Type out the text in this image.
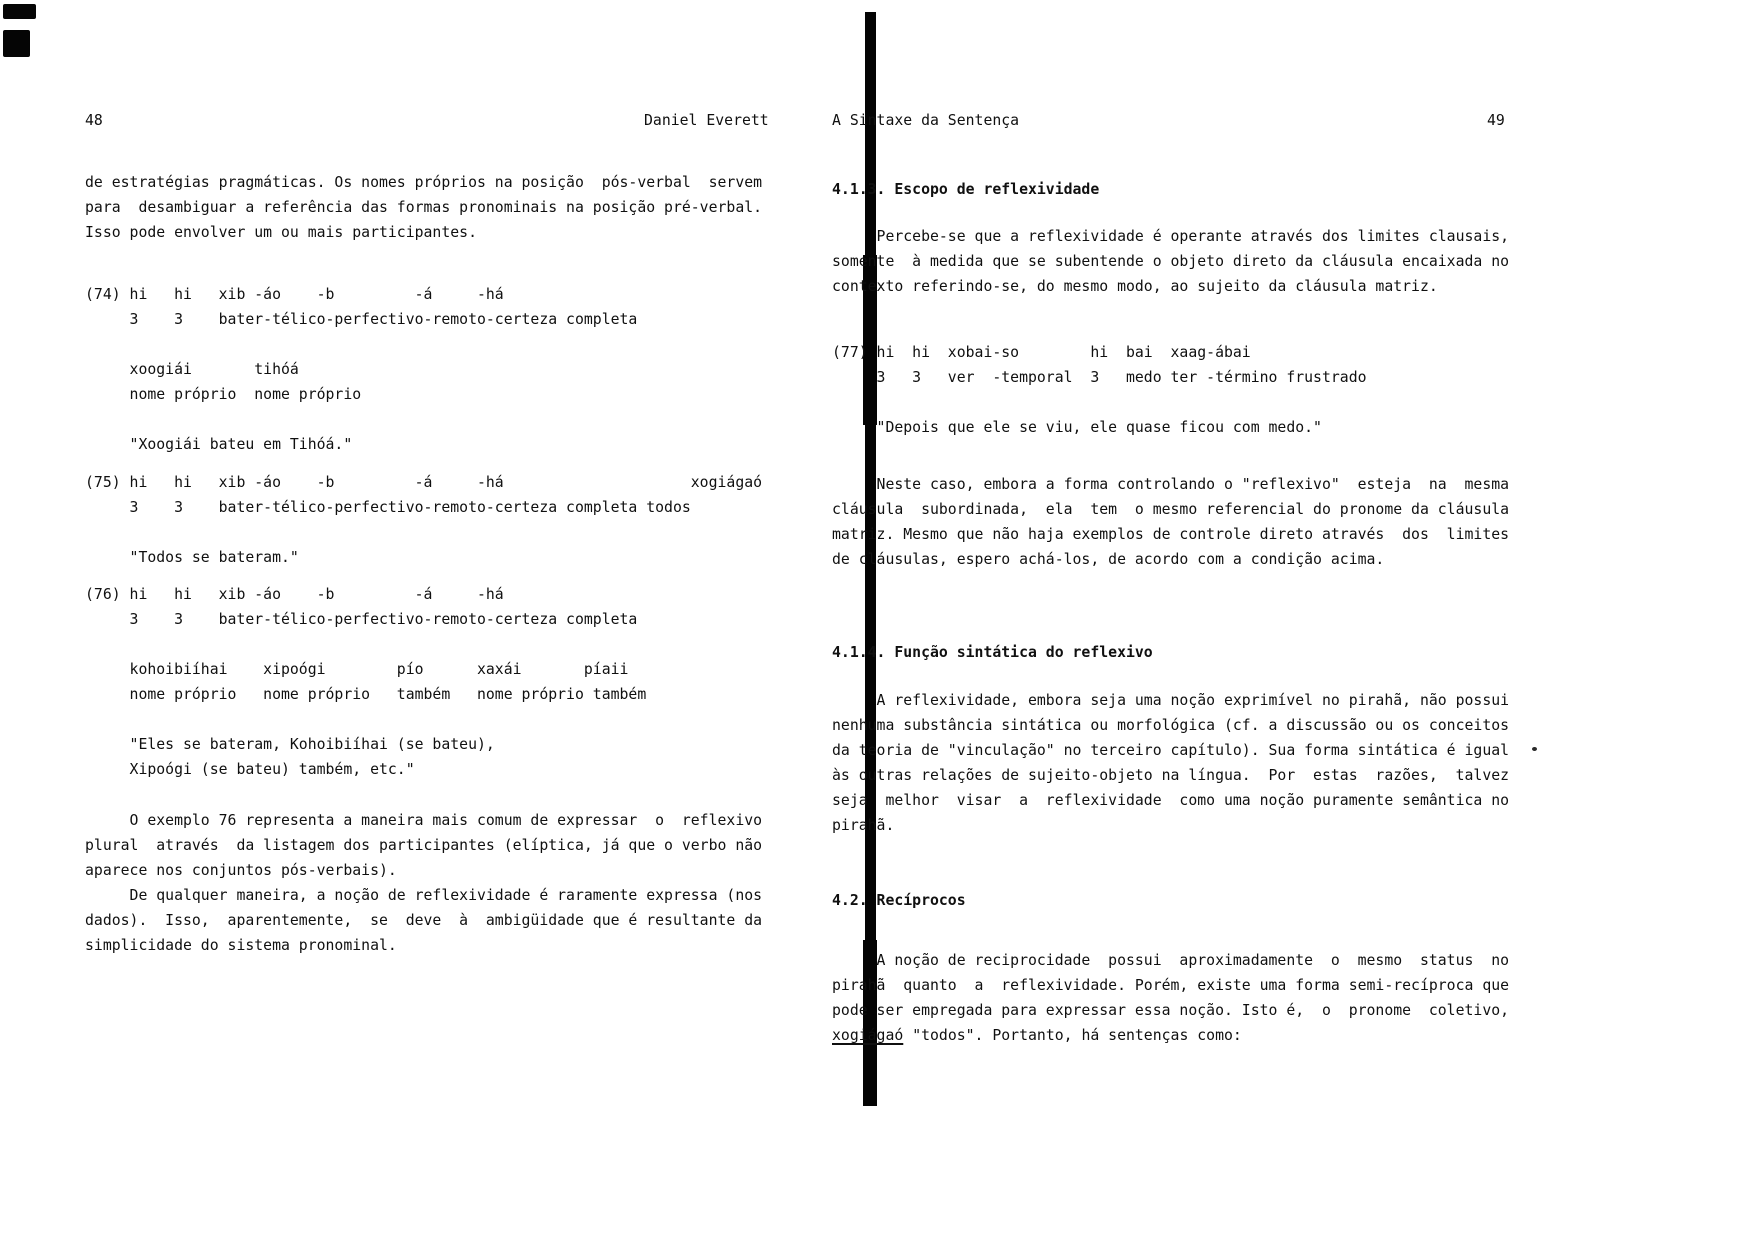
48	Daniel Everett
de estratégias pragmáticas. Os nomes próprios na posição  pós-verbal  servem
para  desambiguar a referência das formas pronominais na posição pré-verbal.
Isso pode envolver um ou mais participantes.
(74) hi   hi   xib -áo    -b         -á     -há
3    3    bater-télico-perfectivo-remoto-certeza completa

xoogiái       tihóá
nome próprio  nome próprio

"Xoogiái bateu em Tihóá."
(75) hi   hi   xib -áo    -b         -á     -há                     xogiágaó
3    3    bater-télico-perfectivo-remoto-certeza completa todos

"Todos se bateram."
(76) hi   hi   xib -áo    -b         -á     -há
3    3    bater-télico-perfectivo-remoto-certeza completa

kohoibiíhai    xipoógi        pío      xaxái       píaii
nome próprio   nome próprio   também   nome próprio também

"Eles se bateram, Kohoibiíhai (se bateu),
Xipoógi (se bateu) também, etc."
O exemplo 76 representa a maneira mais comum de expressar  o  reflexivo
plural  através  da listagem dos participantes (elíptica, já que o verbo não
aparece nos conjuntos pós-verbais).
De qualquer maneira, a noção de reflexividade é raramente expressa (nos
dados).  Isso,  aparentemente,  se  deve  à  ambigüidade que é resultante da
simplicidade do sistema pronominal.
A Sintaxe da Sentença	49
4.1.3. Escopo de reflexividade
Percebe-se que a reflexividade é operante através dos limites clausais,
somente  à medida que se subentende o objeto direto da cláusula encaixada no
contexto referindo-se, do mesmo modo, ao sujeito da cláusula matriz.
(77) hi  hi  xobai-so        hi  bai  xaag-ábai
3   3   ver  -temporal  3   medo ter -término frustrado

"Depois que ele se viu, ele quase ficou com medo."
Neste caso, embora a forma controlando o "reflexivo"  esteja  na  mesma
cláusula  subordinada,  ela  tem  o mesmo referencial do pronome da cláusula
matriz. Mesmo que não haja exemplos de controle direto através  dos  limites
de cláusulas, espero achá-los, de acordo com a condição acima.
4.1.4. Função sintática do reflexivo
A reflexividade, embora seja uma noção exprimível no pirahã, não possui
nenhuma substância sintática ou morfológica (cf. a discussão ou os conceitos
da teoria de "vinculação" no terceiro capítulo). Sua forma sintática é igual
às outras relações de sujeito-objeto na língua.  Por  estas  razões,  talvez
seja  melhor  visar  a  reflexividade  como uma noção puramente semântica no
pirahã.
4.2. Recíprocos
A noção de reciprocidade  possui  aproximadamente  o  mesmo  status  no
pirahã  quanto  a  reflexividade. Porém, existe uma forma semi-recíproca que
pode ser empregada para expressar essa noção. Isto é,  o  pronome  coletivo,
xogiágaó "todos". Portanto, há sentenças como:
